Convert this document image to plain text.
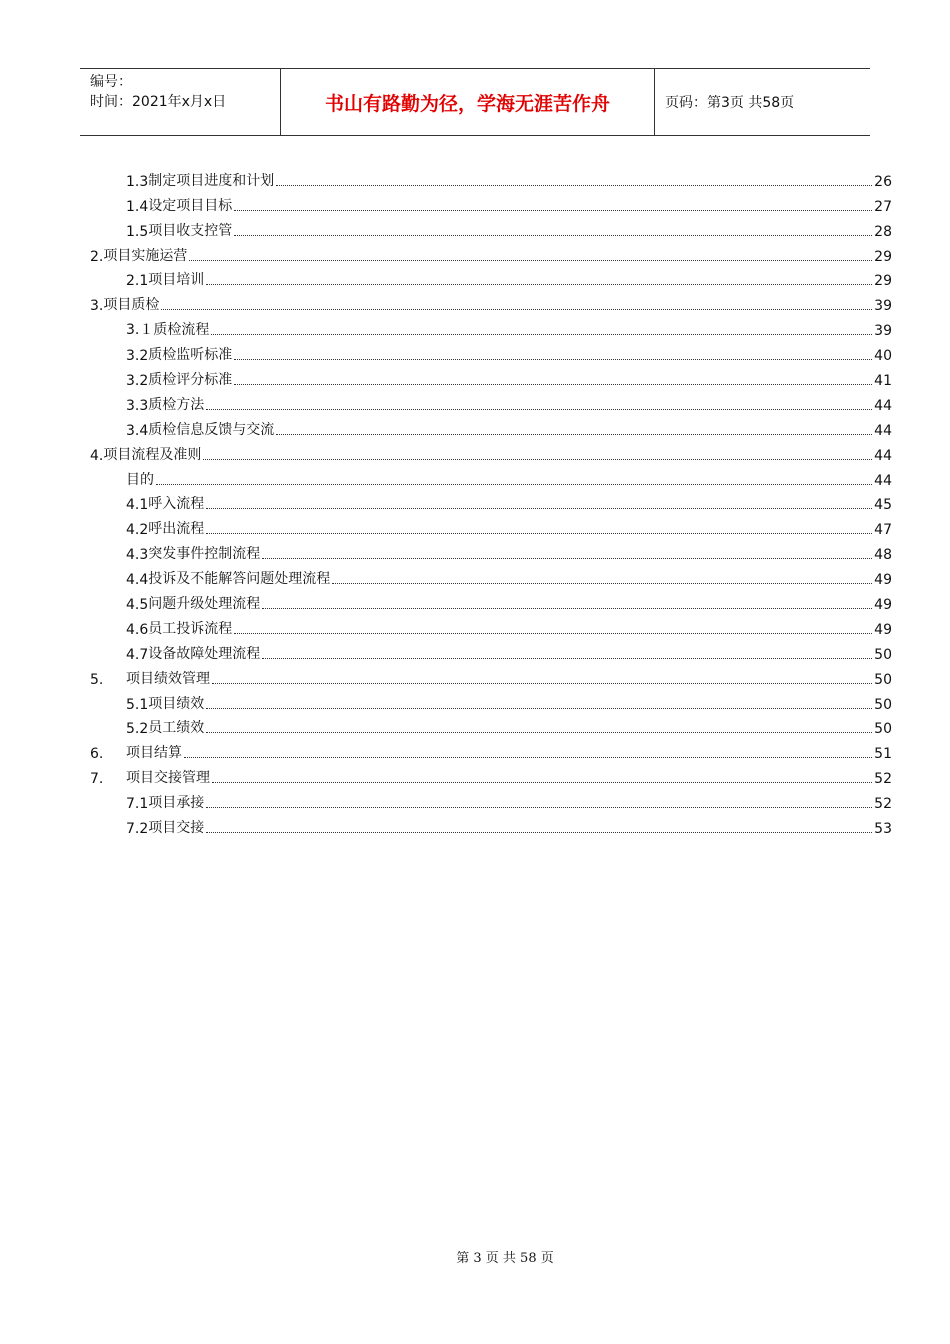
编号：
时间：2021年x月x日	书山有路勤为径，学海无涯苦作舟	页码：第3页 共58页
1.3 制定项目进度和计划	26
1.4 设定项目目标	27
1.5 项目收支控管	28
2. 项目实施运营	29
2.1 项目培训	29
3. 项目质检	39
3.１ 质检流程	39
3.2 质检监听标准	40
3.2 质检评分标准	41
3.3 质检方法	44
3.4 质检信息反馈与交流	44
4. 项目流程及准则	44
目的	44
4.1 呼入流程	45
4.2 呼出流程	47
4.3 突发事件控制流程	48
4.4 投诉及不能解答问题处理流程	49
4.5 问题升级处理流程	49
4.6 员工投诉流程	49
4.7 设备故障处理流程	50
5.	项目绩效管理	50
5.1 项目绩效	50
5.2 员工绩效	50
6.	项目结算	51
7.	项目交接管理	52
7.1 项目承接	52
7.2 项目交接	53
第 3 页 共 58 页
